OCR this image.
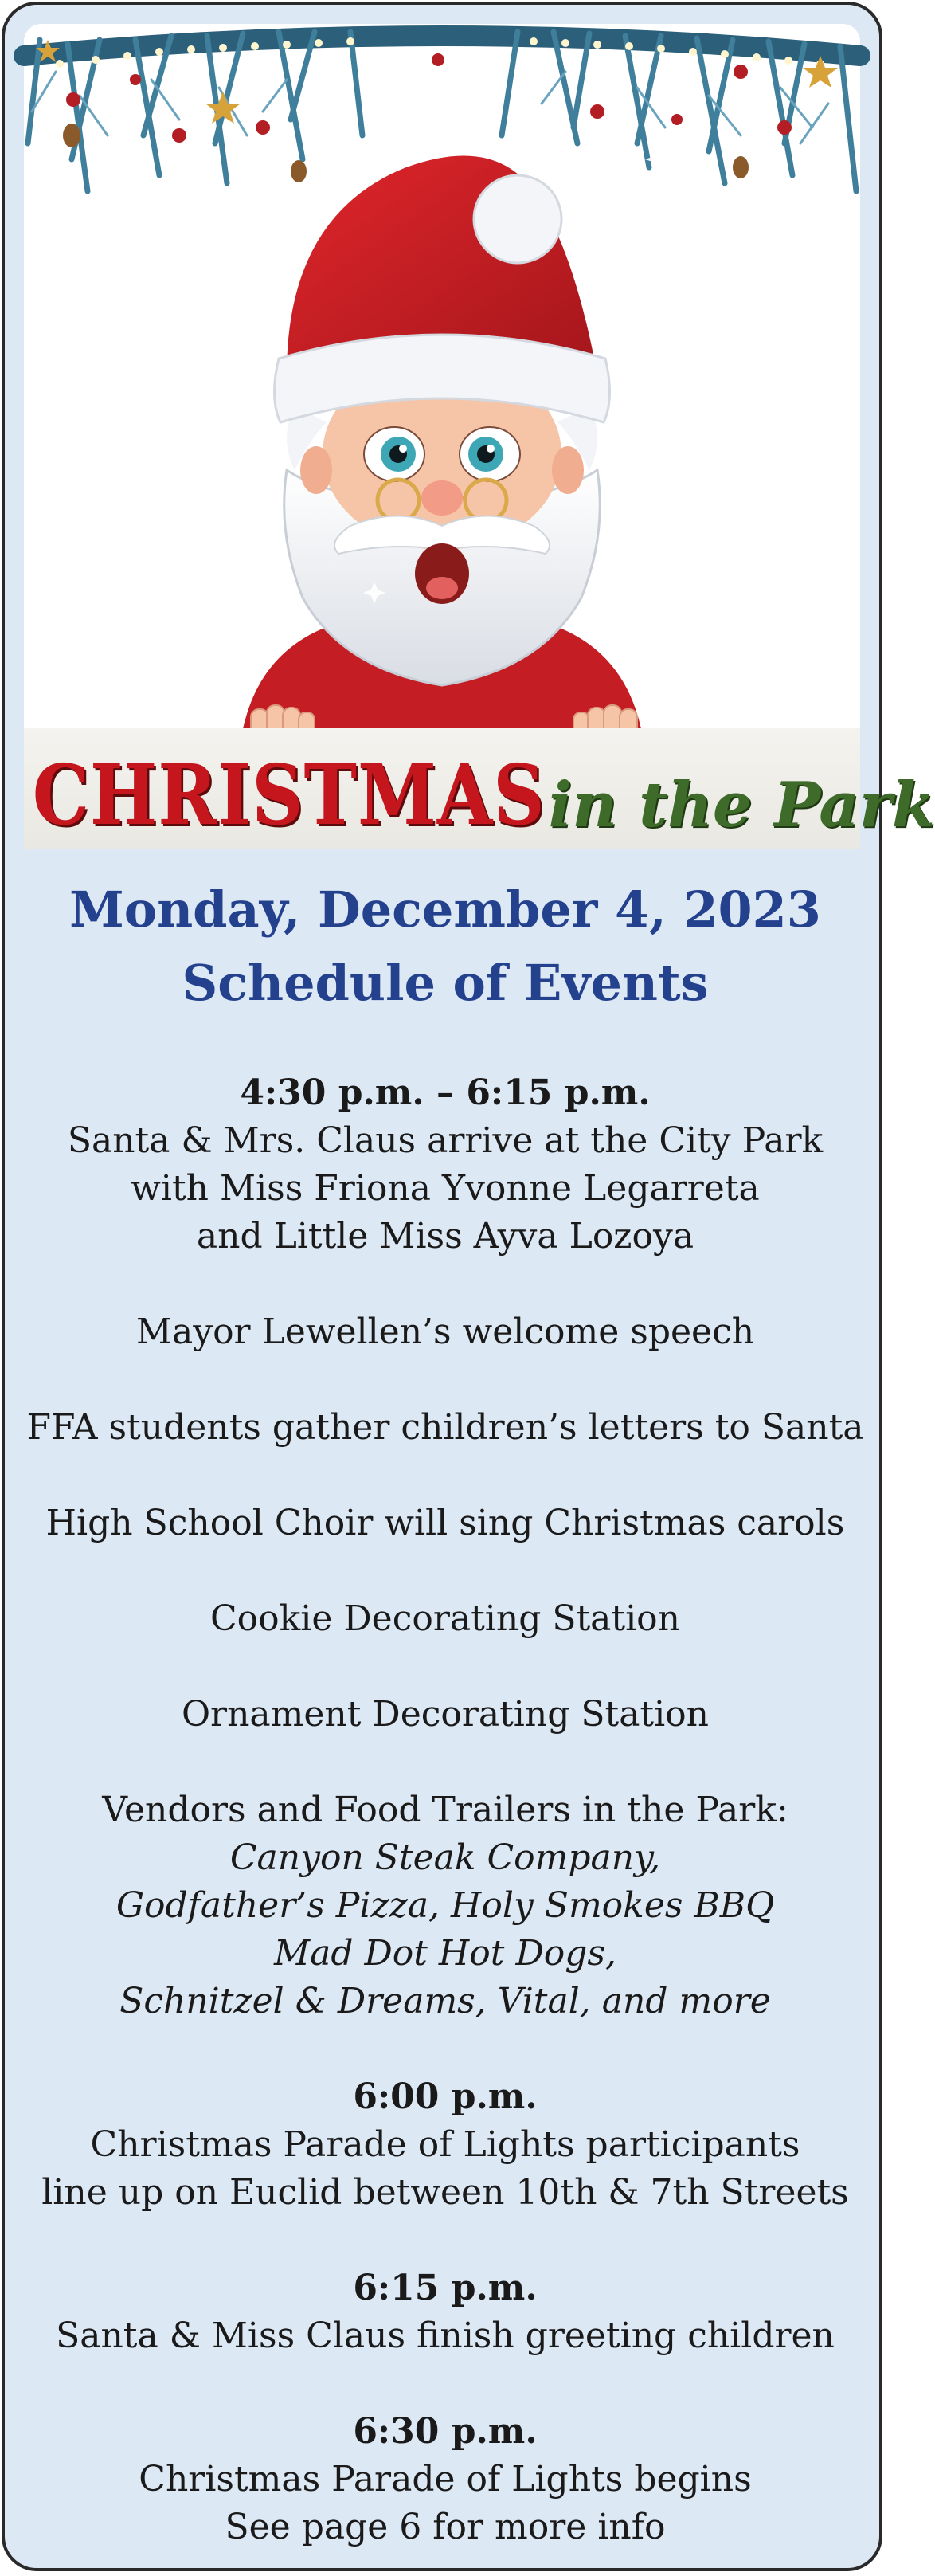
CHRISTMAS in the Park
Monday, December 4, 2023
Schedule of Events
4:30 p.m. – 6:15 p.m.
Santa & Mrs. Claus arrive at the City Park
with Miss Friona Yvonne Legarreta
and Little Miss Ayva Lozoya
Mayor Lewellen’s welcome speech
FFA students gather children’s letters to Santa
High School Choir will sing Christmas carols
Cookie Decorating Station
Ornament Decorating Station
Vendors and Food Trailers in the Park:
Canyon Steak Company,
Godfather’s Pizza, Holy Smokes BBQ
Mad Dot Hot Dogs,
Schnitzel & Dreams, Vital, and more
6:00 p.m.
Christmas Parade of Lights participants
line up on Euclid between 10th & 7th Streets
6:15 p.m.
Santa & Miss Claus finish greeting children
6:30 p.m.
Christmas Parade of Lights begins
See page 6 for more info
